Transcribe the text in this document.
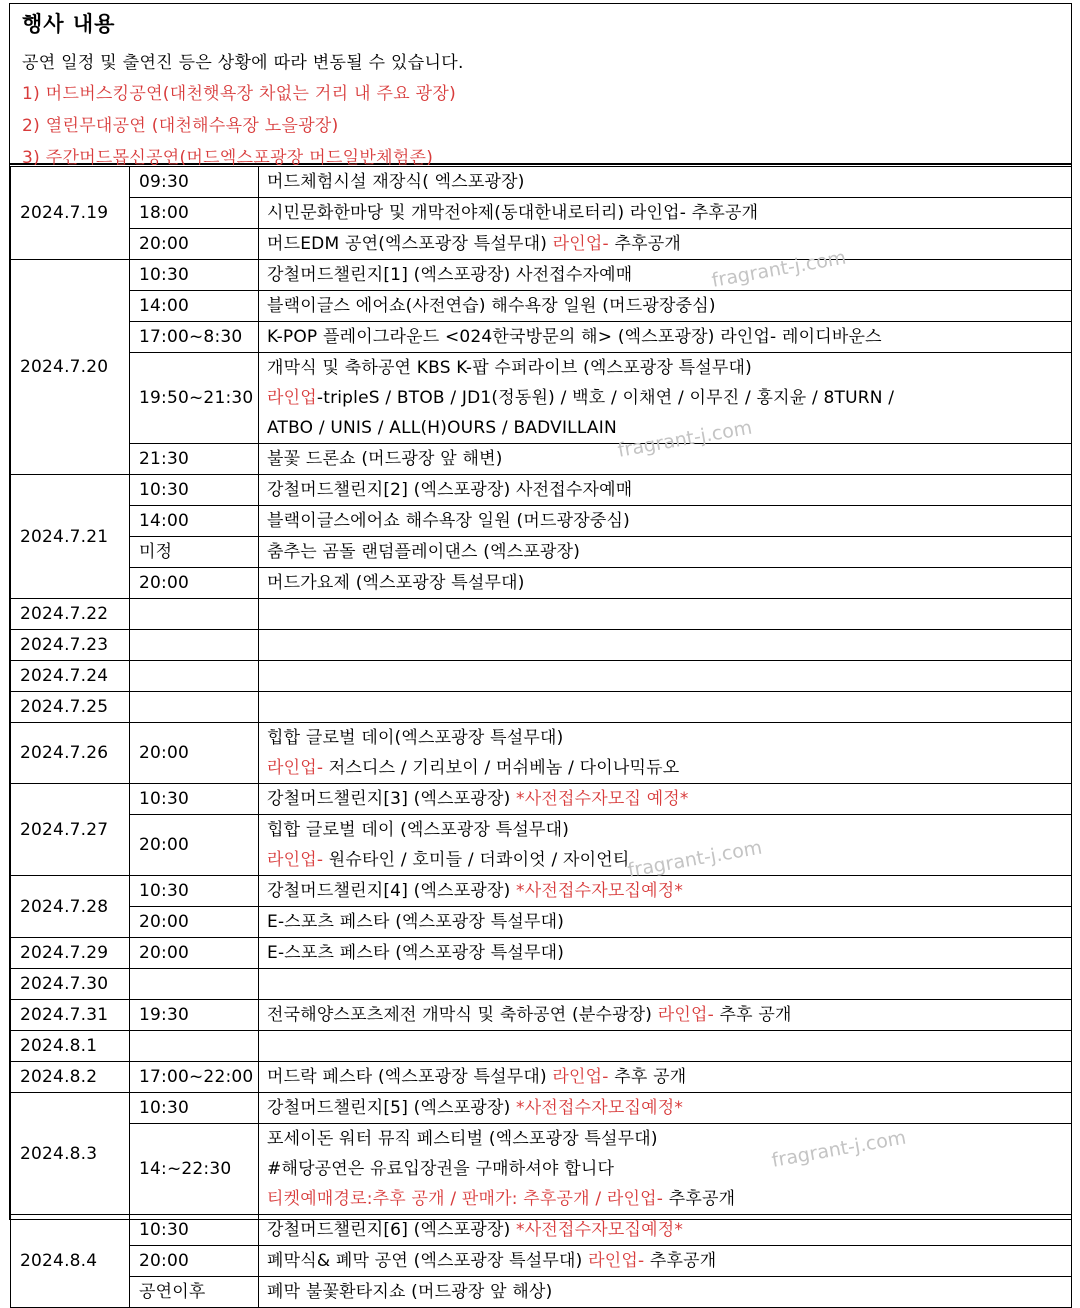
행사 내용
공연 일정 및 출연진 등은 상황에 따라 변동될 수 있습니다.
1) 머드버스킹공연(대천햇욕장 차없는 거리 내 주요 광장)
2) 열린무대공연 (대천해수욕장 노을광장)
3) 주간머드몹신공연(머드엑스포광장 머드일반체험존)
2024.7.19	09:30	머드체험시설 재장식( 엑스포광장)

	18:00	시민문화한마당 및 개막전야제(동대한내로터리) 라인업- 추후공개

	20:00	머드EDM 공연(엑스포광장 특설무대) 라인업- 추후공개

2024.7.20	10:30	강철머드챌린지[1] (엑스포광장) 사전접수자예매

	14:00	블랙이글스 에어쇼(사전연습) 해수욕장 일원 (머드광장중심)

	17:00~8:30	K-POP 플레이그라운드 <024한국방문의 해> (엑스포광장) 라인업- 레이디바운스

	19:50~21:30	개막식 및 축하공연 KBS K-팝 수퍼라이브 (엑스포광장 특설무대)
라인업-tripleS / BTOB / JD1(정동원) / 백호 / 이채연 / 이무진 / 홍지윤 / 8TURN /
ATBO / UNIS / ALL(H)OURS / BADVILLAIN

	21:30	불꽃 드론쇼 (머드광장 앞 해변)

2024.7.21	10:30	강철머드챌린지[2] (엑스포광장) 사전접수자예매

	14:00	블랙이글스에어쇼 해수욕장 일원 (머드광장중심)

	미정	춤추는 곰돌 랜덤플레이댄스 (엑스포광장)

	20:00	머드가요제 (엑스포광장 특설무대)

2024.7.22		

2024.7.23		

2024.7.24		

2024.7.25		

2024.7.26	20:00	힙합 글로벌 데이(엑스포광장 특설무대)
라인업- 저스디스 / 기리보이 / 머쉬베놈 / 다이나믹듀오

2024.7.27	10:30	강철머드챌린지[3] (엑스포광장) *사전접수자모집 예정*

	20:00	힙합 글로벌 데이 (엑스포광장 특설무대)
라인업- 원슈타인 / 호미들 / 더콰이엇 / 자이언티

2024.7.28	10:30	강철머드챌린지[4] (엑스포광장) *사전접수자모집예정*

	20:00	E-스포츠 페스타 (엑스포광장 특설무대)

2024.7.29	20:00	E-스포츠 페스타 (엑스포광장 특설무대)

2024.7.30		

2024.7.31	19:30	전국해양스포츠제전 개막식 및 축하공연 (분수광장) 라인업- 추후 공개

2024.8.1		

2024.8.2	17:00~22:00	머드락 페스타 (엑스포광장 특설무대) 라인업- 추후 공개

2024.8.3	10:30	강철머드챌린지[5] (엑스포광장) *사전접수자모집예정*

	14:~22:30	포세이돈 워터 뮤직 페스티벌 (엑스포광장 특설무대)
#해당공연은 유료입장권을 구매하셔야 합니다
티켓예매경로:추후 공개 / 판매가: 추후공개 / 라인업- 추후공개

2024.8.4	10:30	강철머드챌린지[6] (엑스포광장) *사전접수자모집예정*

	20:00	폐막식& 폐막 공연 (엑스포광장 특설무대) 라인업- 추후공개

	공연이후	폐막 불꽃환타지쇼 (머드광장 앞 해상)
fragrant-j.com
fragrant-j.com
fragrant-j.com
fragrant-j.com
